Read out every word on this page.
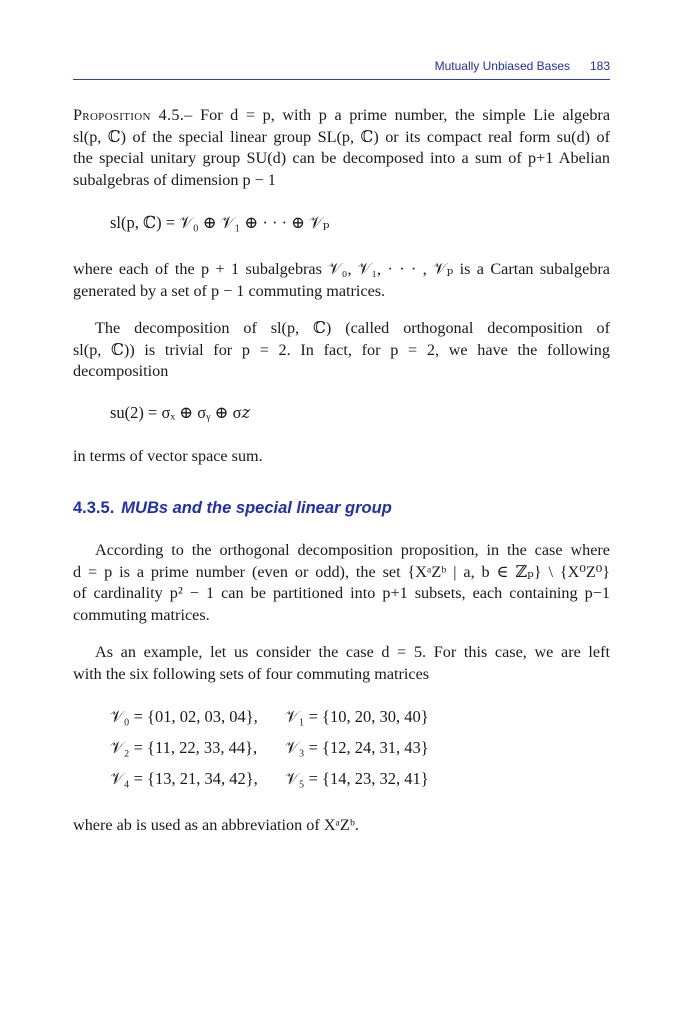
Mutually Unbiased Bases 183
Proposition 4.5.– For d = p, with p a prime number, the simple Lie algebra
sl(p, ℂ) of the special linear group SL(p, ℂ) or its compact real form su(d) of
the special unitary group SU(d) can be decomposed into a sum of p+1 Abelian
subalgebras of dimension p − 1
sl(p, ℂ) = 𝒱₀ ⊕ 𝒱₁ ⊕ · · · ⊕ 𝒱ₚ
where each of the p + 1 subalgebras 𝒱₀, 𝒱₁, · · · , 𝒱ₚ is a Cartan subalgebra
generated by a set of p − 1 commuting matrices.
The decomposition of sl(p, ℂ) (called orthogonal decomposition of
sl(p, ℂ)) is trivial for p = 2. In fact, for p = 2, we have the following
decomposition
su(2) = σₓ ⊕ σᵧ ⊕ σ𝑧
in terms of vector space sum.
4.3.5. MUBs and the special linear group
According to the orthogonal decomposition proposition, in the case where
d = p is a prime number (even or odd), the set {XᵃZᵇ | a, b ∈ ℤₚ} \ {X⁰Z⁰}
of cardinality p² − 1 can be partitioned into p+1 subsets, each containing p−1
commuting matrices.
As an example, let us consider the case d = 5. For this case, we are left
with the six following sets of four commuting matrices
𝒱₀ = {01, 02, 03, 04}, 𝒱₁ = {10, 20, 30, 40}
𝒱₂ = {11, 22, 33, 44}, 𝒱₃ = {12, 24, 31, 43}
𝒱₄ = {13, 21, 34, 42}, 𝒱₅ = {14, 23, 32, 41}
where ab is used as an abbreviation of XᵃZᵇ.
